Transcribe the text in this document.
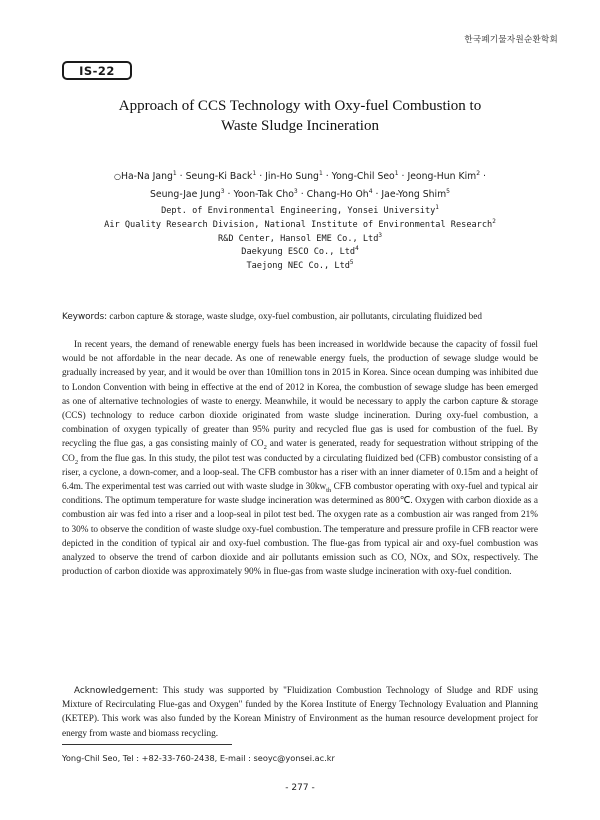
한국폐기물자원순환학회
IS-22
Approach of CCS Technology with Oxy-fuel Combustion to
Waste Sludge Incineration
○Ha-Na Jang$^1$ · Seung-Ki Back$^1$ · Jin-Ho Sung$^1$ · Yong-Chil Seo$^1$ · Jeong-Hun Kim$^2$ ·
Seung-Jae Jung$^3$ · Yoon-Tak Cho$^3$ · Chang-Ho $Oh^4$ · Jae-Yong Shim$^5$
Dept. of Environmental Engineering, Yonsei University$^1$
Air Quality Research Division, National Institute of Environmental Research$^2$
R&D Center, Hansol EME Co., Ltd$^3$
Daekyung ESCO Co., Ltd$^4$
Taejong NEC Co., Ltd$^5$
Keywords: carbon capture & storage, waste sludge, oxy-fuel combustion, air pollutants, circulating fluidized bed

In recent years, the demand of renewable energy fuels has been increased in worldwide because the capacity of fossil fuel would be not affordable in the near decade. As one of renewable energy fuels, the production of sewage sludge would be gradually increased by year, and it would be over than 10million tons in 2015 in Korea. Since ocean dumping was inhibited due to London Convention with being in effective at the end of 2012 in Korea, the combustion of sewage sludge has been emerged as one of alternative technologies of waste to energy. Meanwhile, it would be necessary to apply the carbon capture & storage (CCS) technology to reduce carbon dioxide originated from waste sludge incineration. During oxy-fuel combustion, a combination of oxygen typically of greater than 95% purity and recycled flue gas is used for combustion of the fuel. By recycling the flue gas, a gas consisting mainly of $CO_2$ and water is generated, ready for sequestration without stripping of the $CO_2$ from the flue gas. In this study, the pilot test was conducted by a circulating fluidized bed (CFB) combustor consisting of a riser, a cyclone, a down-comer, and a loop-seal. The CFB combustor has a riser with an inner diameter of 0.15m and a height of 6.4m. The experimental test was carried out with waste sludge in $30kw_{th}$ CFB combustor operating with oxy-fuel and typical air conditions. The optimum temperature for waste sludge incineration was determined as 800℃. Oxygen with carbon dioxide as a combustion air was fed into a riser and a loop-seal in pilot test bed. The oxygen rate as a combustion air was ranged from 21% to 30% to observe the condition of waste sludge oxy-fuel combustion. The temperature and pressure profile in CFB reactor were depicted in the condition of typical air and oxy-fuel combustion. The flue-gas from typical air and oxy-fuel combustion was analyzed to observe the trend of carbon dioxide and air pollutants emission such as CO, NOx, and SOx, respectively. The production of carbon dioxide was approximately 90% in flue-gas from waste sludge incineration with oxy-fuel condition.

Acknowledgement: This study was supported by "Fluidization Combustion Technology of Sludge and RDF using Mixture of Recirculating Flue-gas and Oxygen" funded by the Korea Institute of Energy Technology Evaluation and Planning (KETEP). This work was also funded by the Korean Ministry of Environment as the human resource development project for energy from waste and biomass recycling.

Yong-Chil Seo, Tel : +82-33-760-2438, E-mail : seoyc@yonsei.ac.kr
- 277 -
